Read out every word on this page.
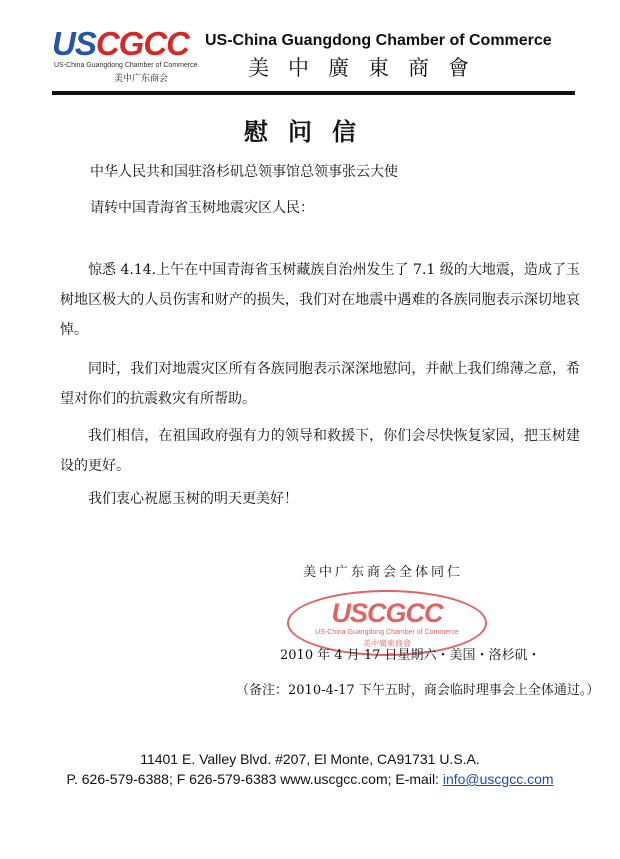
USCGCC
US-China Guangdong Chamber of Commerce
美中广东商会
US-China Guangdong Chamber of Commerce
美中廣東商會
慰问信
中华人民共和国驻洛杉矶总领事馆总领事张云大使
请转中国青海省玉树地震灾区人民：
惊悉 4.14.上午在中国青海省玉树藏族自治州发生了 7.1 级的大地震，造成了玉树地区极大的人员伤害和财产的损失，我们对在地震中遇难的各族同胞表示深切地哀悼。
同时，我们对地震灾区所有各族同胞表示深深地慰问，并献上我们绵薄之意，希望对你们的抗震救灾有所帮助。
我们相信，在祖国政府强有力的领导和救援下，你们会尽快恢复家园，把玉树建设的更好。
我们衷心祝愿玉树的明天更美好！
美中广东商会全体同仁
USCGCC
US-China Guangdong Chamber of Commerce
美中廣東商會
2010 年 4 月 17 日星期六・美国・洛杉矶・
（备注：2010-4-17 下午五时，商会临时理事会上全体通过。）
11401 E. Valley Blvd. #207, El Monte, CA91731 U.S.A.
P. 626-579-6388; F 626-579-6383 www.uscgcc.com; E-mail: info@uscgcc.com
